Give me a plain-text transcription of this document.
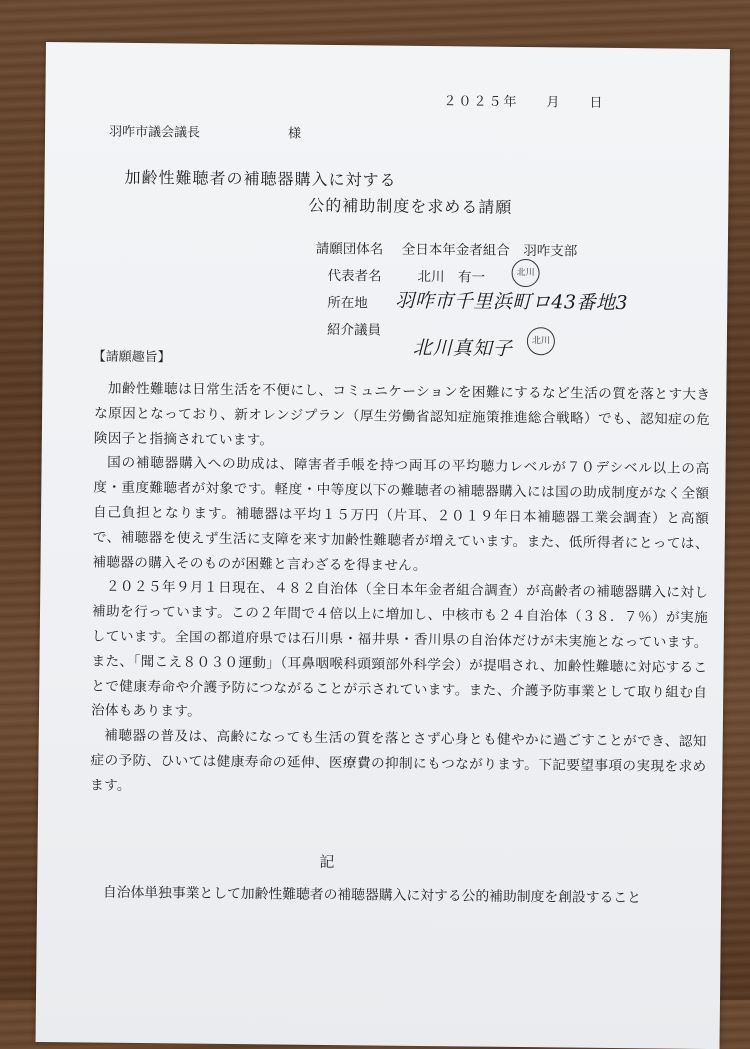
２０２５年 月 日
羽咋市議会議長	様
加齢性難聴者の補聴器購入に対する
公的補助制度を求める請願
請願団体名 全日本年金者組合　羽咋支部
代表者名	北川　有一	北川
所在地	羽咋市千里浜町ロ43番地3
紹介議員
北川真知子	北川
【請願趣旨】

加齢性難聴は日常生活を不便にし、コミュニケーションを困難にするなど生活の質を落とす大きな原因となっており、新オレンジプラン（厚生労働省認知症施策推進総合戦略）でも、認知症の危険因子と指摘されています。

国の補聴器購入への助成は、障害者手帳を持つ両耳の平均聴力レベルが７０デシベル以上の高度・重度難聴者が対象です。軽度・中等度以下の難聴者の補聴器購入には国の助成制度がなく全額自己負担となります。補聴器は平均１５万円（片耳、２０１９年日本補聴器工業会調査）と高額で、補聴器を使えず生活に支障を来す加齢性難聴者が増えています。また、低所得者にとっては、補聴器の購入そのものが困難と言わざるを得ません。

２０２５年９月１日現在、４８２自治体（全日本年金者組合調査）が高齢者の補聴器購入に対し補助を行っています。この２年間で４倍以上に増加し、中核市も２４自治体（３８．７％）が実施しています。全国の都道府県では石川県・福井県・香川県の自治体だけが未実施となっています。また、「聞こえ８０３０運動」（耳鼻咽喉科頭頸部外科学会）が提唱され、加齢性難聴に対応することで健康寿命や介護予防につながることが示されています。また、介護予防事業として取り組む自治体もあります。

補聴器の普及は、高齢になっても生活の質を落とさず心身とも健やかに過ごすことができ、認知症の予防、ひいては健康寿命の延伸、医療費の抑制にもつながります。下記要望事項の実現を求めます。

記

自治体単独事業として加齢性難聴者の補聴器購入に対する公的補助制度を創設すること
